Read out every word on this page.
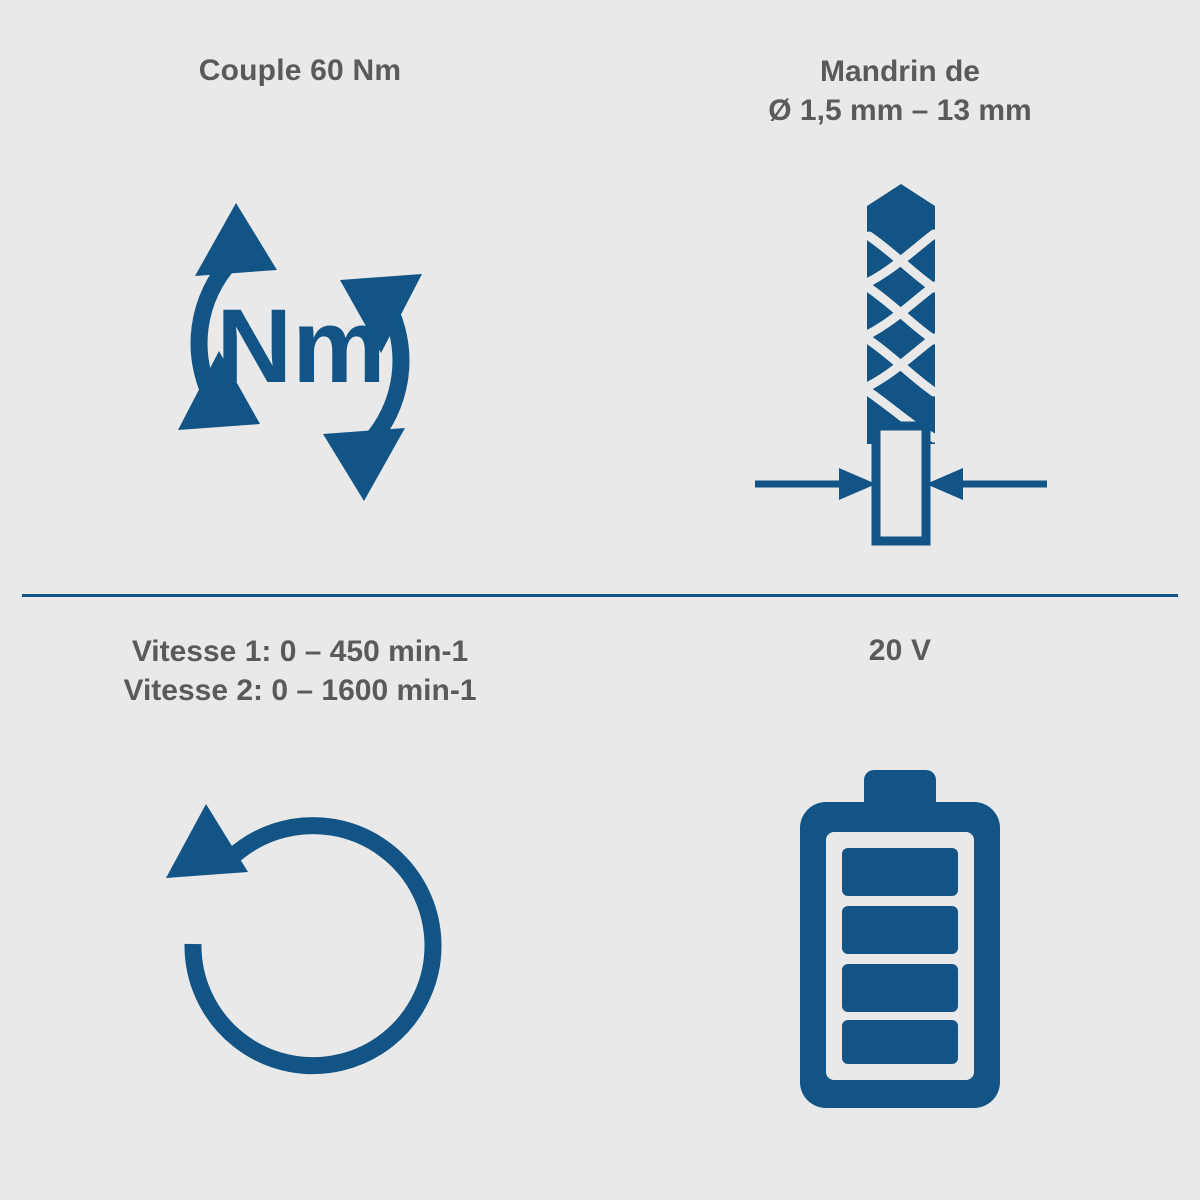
Couple 60 Nm
Nm
Mandrin de
Ø 1,5 mm – 13 mm
Vitesse 1: 0 – 450 min-1
Vitesse 2: 0 – 1600 min-1
20 V
